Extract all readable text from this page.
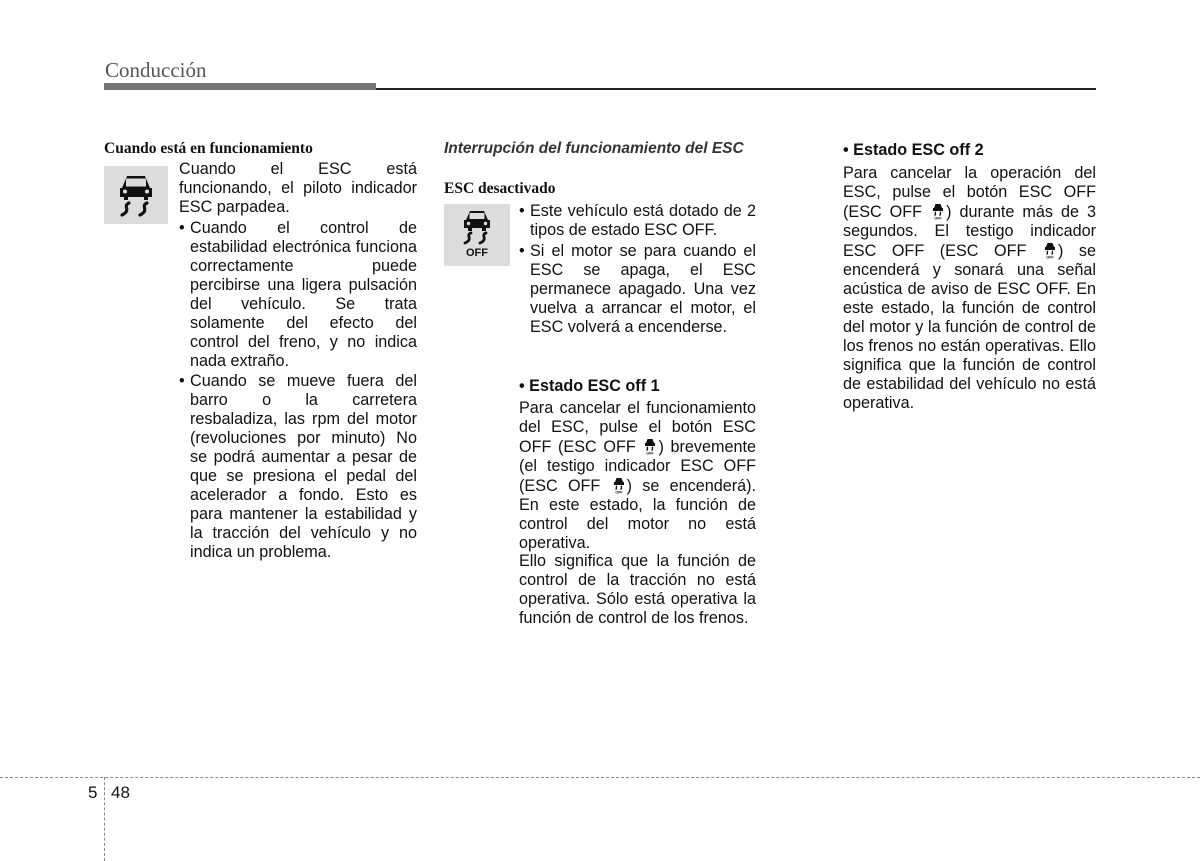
Conducción
Cuando está en funcionamiento

Cuando el ESC está funcionando, el piloto indicador ESC parpadea.

• Cuando el control de estabilidad electrónica funciona correctamente puede percibirse una ligera pulsación del vehículo. Se trata solamente del efecto del control del freno, y no indica nada extraño.
• Cuando se mueve fuera del barro o la carretera resbaladiza, las rpm del motor (revoluciones por minuto) No se podrá aumentar a pesar de que se presiona el pedal del acelerador a fondo. Esto es para mantener la estabilidad y la tracción del vehículo y no indica un problema.
Interrupción del funcionamiento del ESC
ESC desactivado
OFF
• Este vehículo está dotado de 2 tipos de estado ESC OFF.
• Si el motor se para cuando el ESC se apaga, el ESC permanece apagado. Una vez vuelva a arrancar el motor, el ESC volverá a encenderse.
• Estado ESC off 1

Para cancelar el funcionamiento del ESC, pulse el botón ESC OFF (ESC OFF	OFF ) brevemente (el testigo indicador ESC OFF (ESC OFF	OFF ) se encenderá). En este estado, la función de control del motor no está operativa.

Ello significa que la función de control de la tracción no está operativa. Sólo está operativa la función de control de los frenos.

• Estado ESC off 2

Para cancelar la operación del ESC, pulse el botón ESC OFF (ESC OFF	OFF ) durante más de 3 segundos. El testigo indicador ESC OFF (ESC OFF	OFF ) se encenderá y sonará una señal acústica de aviso de ESC OFF. En este estado, la función de control del motor y la función de control de los frenos no están operativas. Ello significa que la función de control de estabilidad del vehículo no está operativa.

5 48
